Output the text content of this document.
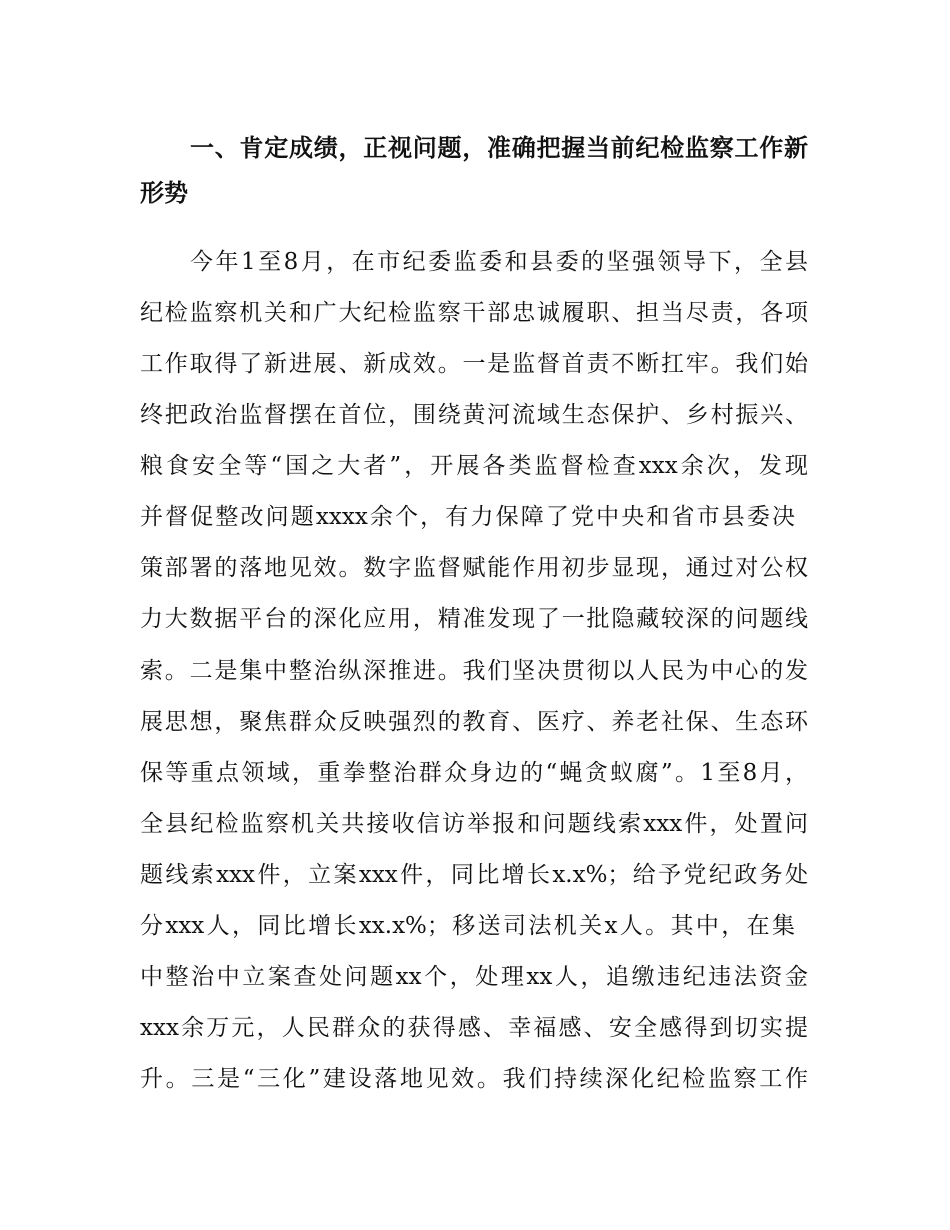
一、肯定成绩，正视问题，准确把握当前纪检监察工作新
形势
今年1至8月，在市纪委监委和县委的坚强领导下，全县
纪检监察机关和广大纪检监察干部忠诚履职、担当尽责，各项
工作取得了新进展、新成效。一是监督首责不断扛牢。我们始
终把政治监督摆在首位，围绕黄河流域生态保护、乡村振兴、
粮食安全等“国之大者”，开展各类监督检查xxx余次，发现
并督促整改问题xxxx余个，有力保障了党中央和省市县委决
策部署的落地见效。数字监督赋能作用初步显现，通过对公权
力大数据平台的深化应用，精准发现了一批隐藏较深的问题线
索。二是集中整治纵深推进。我们坚决贯彻以人民为中心的发
展思想，聚焦群众反映强烈的教育、医疗、养老社保、生态环
保等重点领域，重拳整治群众身边的“蝇贪蚁腐”。1至8月，
全县纪检监察机关共接收信访举报和问题线索xxx件，处置问
题线索xxx件，立案xxx件，同比增长x.x%；给予党纪政务处
分xxx人，同比增长xx.x%；移送司法机关x人。其中，在集
中整治中立案查处问题xx个，处理xx人，追缴违纪违法资金
xxx余万元，人民群众的获得感、幸福感、安全感得到切实提
升。三是“三化”建设落地见效。我们持续深化纪检监察工作
